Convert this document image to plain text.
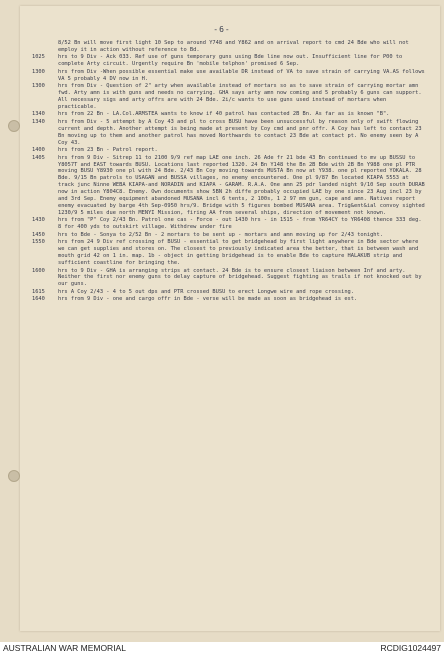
-6-
8/52 Bn will move first light 10 Sep to around Y748 and Y862 and on arrival report to cmd 24 Bde who will not employ it in action without reference to Bd.
1025	hrs to 9 Div - Ack 033. Ref use of guns temporary guns using Bde line now out. Insufficient line for P00 to complete Arty circuit. Urgently require Bn 'mobile telphon' promised 6 Sep.
1300	hrs from Div -When possible essential make use available DR instead of VA to save strain of carrying VA.AS follows VA 5 probably 4 DV now in H.
1300	hrs from Div - Question of 2" arty when available instead of mortars so as to save strain of carrying mortar amn fwd. Arty amn is with guns and needs no carrying. GHA says arty amn now coming and 5 probably 6 guns can support. All necessary sigs and arty offrs are with 24 Bde. 2i/c wants to use guns used instead of mortars when practicable.
1340	hrs from 22 Bn - LA.Col.ARMSTEA wants to know if 40 patrol has contacted 2B Bn. As far as is known "B".
1340	hrs from Div - 5 attempt by A Coy 43 and pl to cross BUSU have been unsuccessful by reason only of swift flowing current and depth. Another attempt is being made at present by Coy cmd and pnr offr. A Coy has left to contact 23 Bn moving up to them and another patrol has moved Northwards to contact 23 Bde at contact pt. No enemy seen by A Coy 43.
1400	hrs from 23 Bn - Patrol report.
1405	hrs from 9 Div - Sitrep 11 to 2100 9/9 ref map LAE one inch. 26 Ade fr 21 bde 43 Bn continued to mv up BUSSU to Y8057T and EAST towards BUSU. Locations last reported 1320. 24 Bn Y148 the Bn 2B Bde with 2B Bn Y988 one pl PTR moving BUSU Y8930 one pl with 24 Bde. 2/43 Bn Coy moving towards MUSTA Bn now at Y938. one pl reported YOKALA. 28 Bde. 9/15 Bn patrols to USAGAN and BUSSA villages, no enemy encountered. One pl 9/87 Bn located KIAPA 5553 at track junc Ninne WEBA KIAPA-and NORADIN and KIAPA - GARAM. R.A.A. One amn 25 pdr landed night 9/10 Sep south DURAB now in action Y804C8. Enemy. Own documents show 5BN 2h diffe probably occupied LAE by one since 23 Aug incl 23 by and 3rd Sep. Enemy equipment abandoned MUSANA incl 6 tents, 2 100s, 1 2 97 mm gun, cape and amn. Natives report enemy evacuated by barge 4th Sep-0950 hrs/9. Bridge with 5 figures bombed MUSANA area. Trig&ent&ial convoy sighted 1230/9 5 miles due north MENYI Mission, firing AA from several ships, direction of movement not known.
1430	hrs from "P" Coy 2/43 Bn. Patrol one cas - Force - out 1430 hrs - in 1515 - from YR64CY to YR6408 thence 333 deg. 8 for 400 yds to outskirt village. Withdrew under fire
1450	hrs to Bde - Sonya to 2/52 Bn - 2 mortars to be sent up - mortars and amn moving up for 2/43 tonight.
1550	hrs from 24 9 Div ref crossing of BUSU - essential to get bridgehead by first light anywhere in Bde sector where we can get supplies and stores on. The closest to previously indicated area the better, that is between wash and mouth grid 42 on 1 in. map. 1b - object in getting bridgehead is to enable Bde to capture HALAKUB strip and sufficient coastline for bringing the.
1600	hrs to 9 Div - GHA is arranging strips at contact. 24 Bde is to ensure closest liaison between Inf and arty. Neither the first nor enemy guns to delay capture of bridgehead. Suggest fighting as trails if not knocked out by our guns.
1615	hrs A Coy 2/43 - 4 to 5 out dps and PTR crossed BUSU to erect Longwe wire and rope crossing.
1640	hrs from 9 Div - one and cargo offr in Bde - verse will be made as soon as bridgehead is est.
AUSTRALIAN WAR MEMORIAL	RCDIG1024497
